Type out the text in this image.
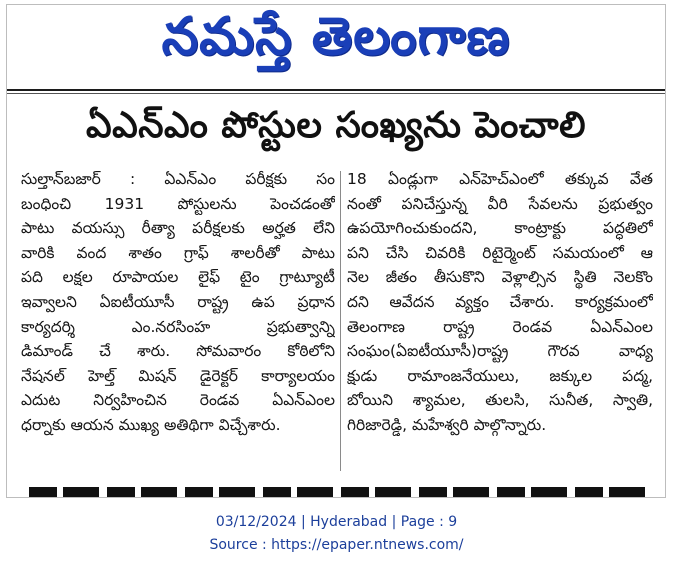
నమస్తే తెలంగాణ
ఏఎన్ఎం పోస్టుల సంఖ్యను పెంచాలి
సుల్తాన్‌బజార్ : ఏఎన్ఎం పరీక్షకు సం
బంధించి 1931 పోస్టులను పెంచడంతో
పాటు వయస్సు రీత్యా పరీక్షలకు అర్హత లేని
వారికి వంద శాతం గ్రాఫ్ శాలరీతో పాటు
పది లక్షల రూపాయల లైఫ్ టైం గ్రాట్యూటీ
ఇవ్వాలని ఏఐటీయూసీ రాష్ట్ర ఉప ప్రధాన
కార్యదర్శి ఎం.నరసింహ ప్రభుత్వాన్ని
డిమాండ్ చే శారు. సోమవారం కోఠిలోని
నేషనల్ హెల్త్ మిషన్ డైరెక్టర్ కార్యాలయం
ఎదుట నిర్వహించిన రెండవ ఏఎన్ఎంల
ధర్నాకు ఆయన ముఖ్య అతిథిగా విచ్చేశారు.
18 ఏండ్లుగా ఎన్‌హెచ్ఎంలో తక్కువ వేత
నంతో పనిచేస్తున్న వీరి సేవలను ప్రభుత్వం
ఉపయోగించుకుందని, కాంట్రాక్టు పద్ధతిలో
పని చేసి చివరికి రిటైర్మెంట్ సమయంలో ఆ
నెల జీతం తీసుకొని వెళ్లాల్సిన స్థితి నెలకొం
దని ఆవేదన వ్యక్తం చేశారు. కార్యక్రమంలో
తెలంగాణ రాష్ట్ర రెండవ ఏఎన్ఎంల
సంఘం(ఏఐటీయూసీ)రాష్ట్ర గౌరవ వాధ్య
క్షుడు రామాంజనేయులు, జక్కుల పద్మ,
బోయిని శ్యామల, తులసి, సునీత, స్వాతి,
గిరిజారెడ్డి, మహేశ్వరి పాల్గొన్నారు.
03/12/2024 | Hyderabad | Page : 9
Source : https://epaper.ntnews.com/
